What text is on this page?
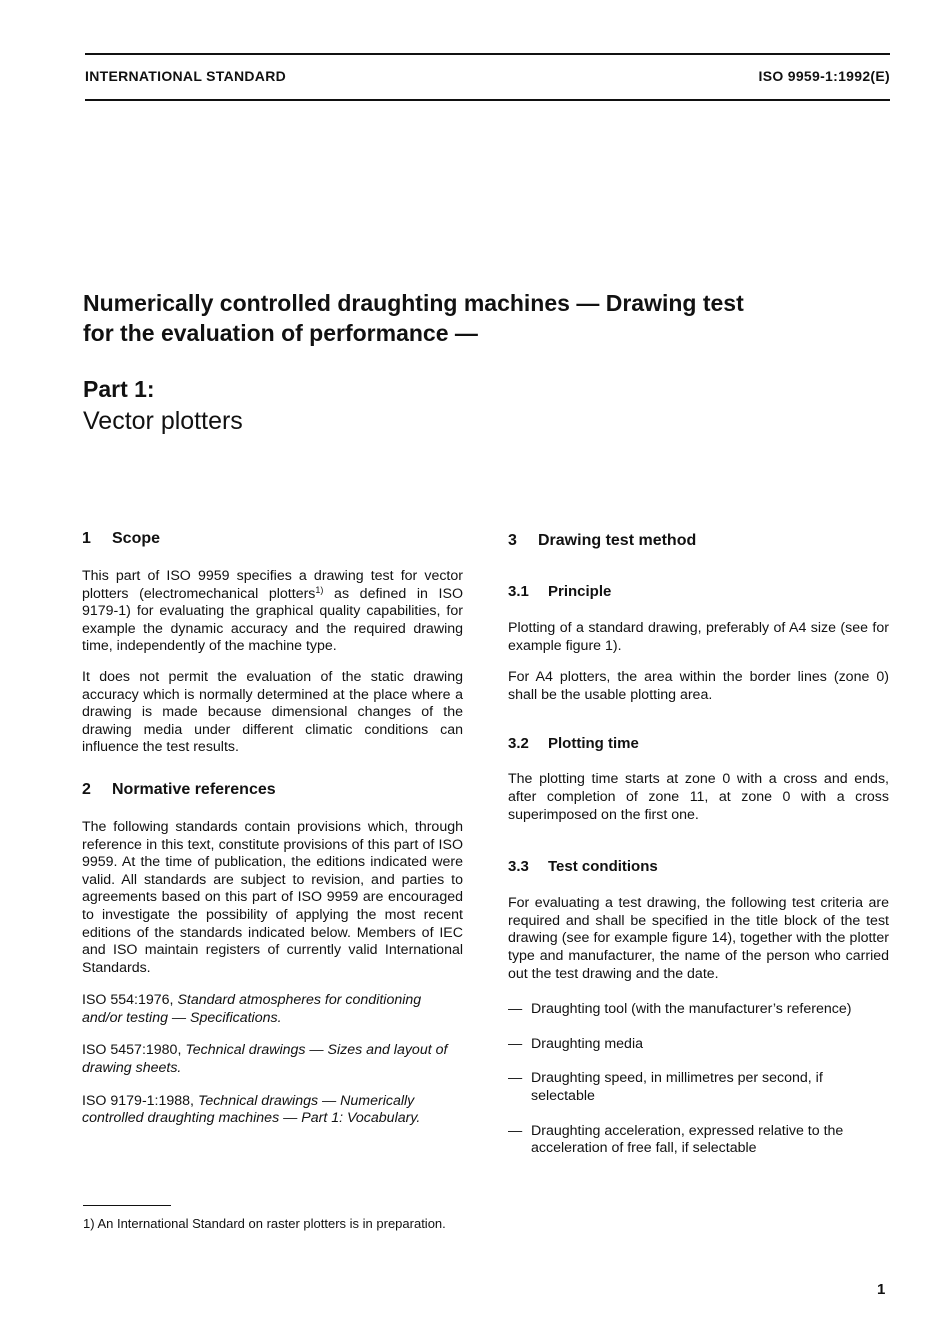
INTERNATIONAL STANDARD	ISO 9959-1:1992(E)
Numerically controlled draughting machines — Drawing test
for the evaluation of performance —
Part 1:
Vector plotters
1 Scope

This part of ISO 9959 specifies a drawing test for vector plotters (electromechanical plotters$^{1)}$ as defined in ISO 9179-1) for evaluating the graphical quality capabilities, for example the dynamic accuracy and the required drawing time, independently of the machine type.

It does not permit the evaluation of the static drawing accuracy which is normally determined at the place where a drawing is made because dimensional changes of the drawing media under different climatic conditions can influence the test results.

2 Normative references

The following standards contain provisions which, through reference in this text, constitute provisions of this part of ISO 9959. At the time of publication, the editions indicated were valid. All standards are subject to revision, and parties to agreements based on this part of ISO 9959 are encouraged to investigate the possibility of applying the most recent editions of the standards indicated below. Members of IEC and ISO maintain registers of currently valid International Standards.

ISO 554:1976, Standard atmospheres for conditioning and/or testing — Specifications.

ISO 5457:1980, Technical drawings — Sizes and layout of drawing sheets.

ISO 9179-1:1988, Technical drawings — Numerically controlled draughting machines — Part 1: Vocabulary.

3 Drawing test method
3.1 Principle

Plotting of a standard drawing, preferably of A4 size (see for example figure 1).

For A4 plotters, the area within the border lines (zone 0) shall be the usable plotting area.

3.2 Plotting time

The plotting time starts at zone 0 with a cross and ends, after completion of zone 11, at zone 0 with a cross superimposed on the first one.

3.3 Test conditions

For evaluating a test drawing, the following test criteria are required and shall be specified in the title block of the test drawing (see for example figure 14), together with the plotter type and manufacturer, the name of the person who carried out the test drawing and the date.

— Draughting tool (with the manufacturer’s reference)
— Draughting media
— Draughting speed, in millimetres per second, if selectable
— Draughting acceleration, expressed relative to the acceleration of free fall, if selectable
1) An International Standard on raster plotters is in preparation.
1
